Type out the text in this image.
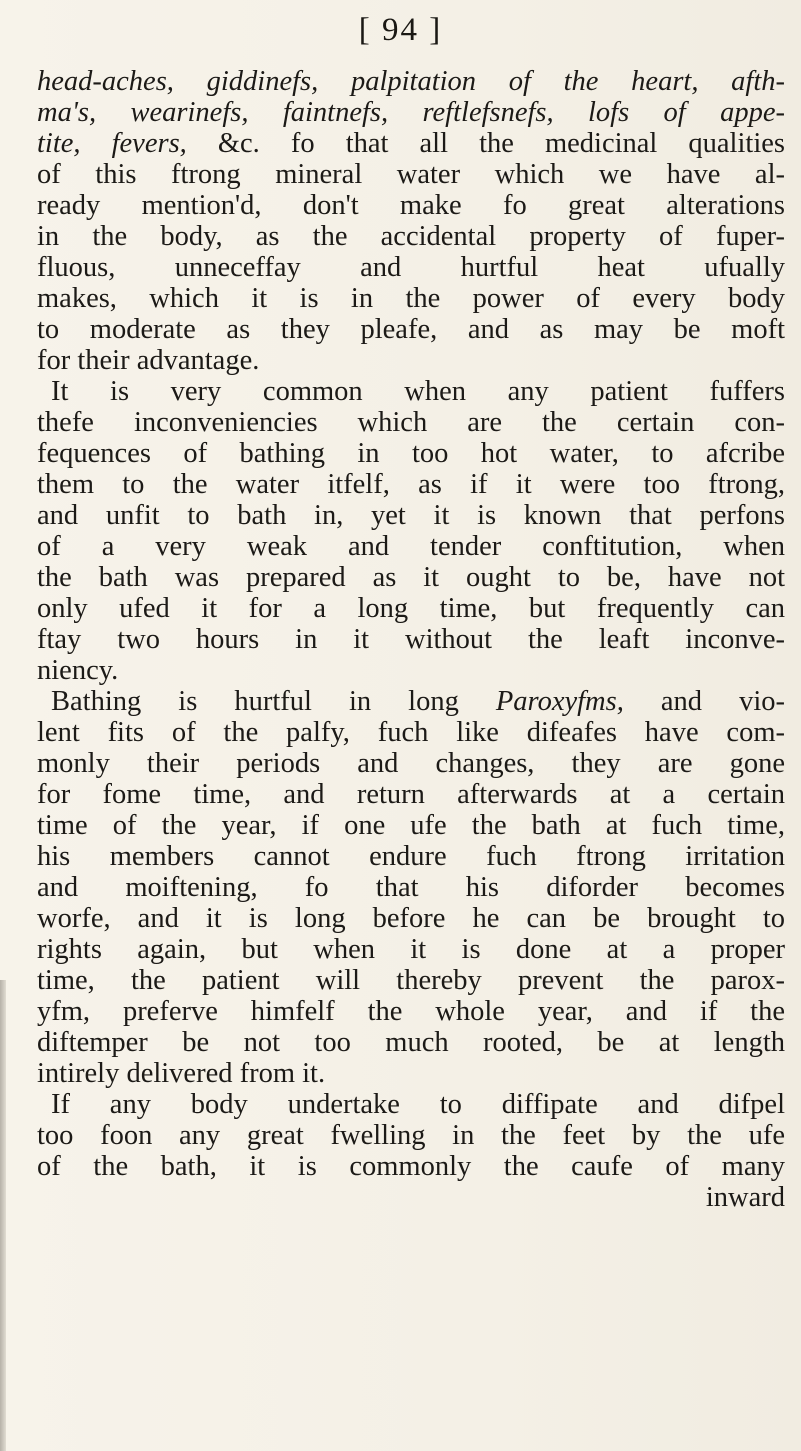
[ 94 ]
head-aches, giddinefs, palpitation of the heart, afth-
ma's, wearinefs, faintnefs, reftlefsnefs, lofs of appe-
tite, fevers, &c. fo that all the medicinal qualities
of this ftrong mineral water which we have al-
ready mention'd, don't make fo great alterations
in the body, as the accidental property of fuper-
fluous, unneceffay and hurtful heat ufually
makes, which it is in the power of every body
to moderate as they pleafe, and as may be moft
for their advantage.
It is very common when any patient fuffers
thefe inconveniencies which are the certain con-
fequences of bathing in too hot water, to afcribe
them to the water itfelf, as if it were too ftrong,
and unfit to bath in, yet it is known that perfons
of a very weak and tender conftitution, when
the bath was prepared as it ought to be, have not
only ufed it for a long time, but frequently can
ftay two hours in it without the leaft inconve-
niency.
Bathing is hurtful in long Paroxyfms, and vio-
lent fits of the palfy, fuch like difeafes have com-
monly their periods and changes, they are gone
for fome time, and return afterwards at a certain
time of the year, if one ufe the bath at fuch time,
his members cannot endure fuch ftrong irritation
and moiftening, fo that his diforder becomes
worfe, and it is long before he can be brought to
rights again, but when it is done at a proper
time, the patient will thereby prevent the parox-
yfm, preferve himfelf the whole year, and if the
diftemper be not too much rooted, be at length
intirely delivered from it.
If any body undertake to diffipate and difpel
too foon any great fwelling in the feet by the ufe
of the bath, it is commonly the caufe of many
inward
